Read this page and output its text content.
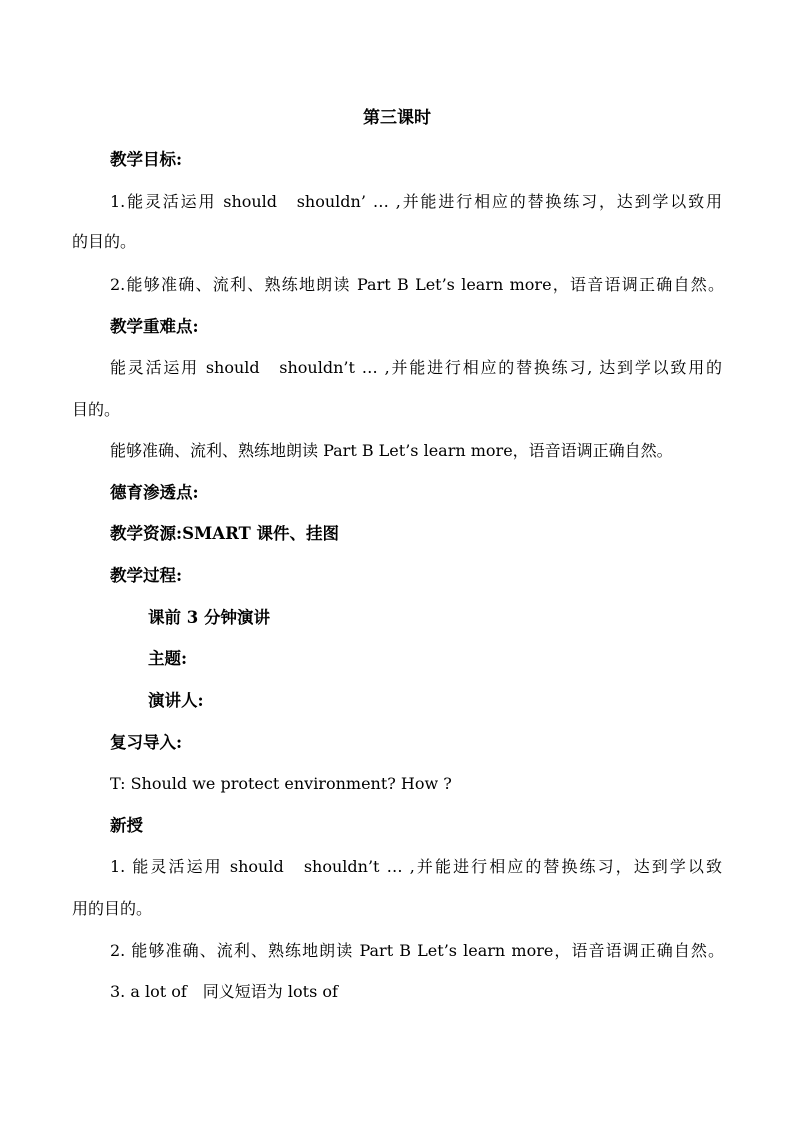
第三课时
教学目标:
1.能灵活运用 should　shouldn’ … ,并能进行相应的替换练习，达到学以致用
的目的。
2.能够准确、流利、熟练地朗读 Part B Let’s learn more，语音语调正确自然。
教学重难点:
能灵活运用 should　shouldn’t … ,并能进行相应的替换练习, 达到学以致用的
目的。
能够准确、流利、熟练地朗读 Part B Let’s learn more，语音语调正确自然。
德育渗透点:
教学资源:SMART 课件、挂图
教学过程:
课前 3 分钟演讲
主题:
演讲人:
复习导入:
T: Should we protect environment? How ?
新授
1. 能灵活运用 should　shouldn’t … ,并能进行相应的替换练习，达到学以致
用的目的。
2. 能够准确、流利、熟练地朗读 Part B Let’s learn more，语音语调正确自然。
3. a lot of　同义短语为 lots of
